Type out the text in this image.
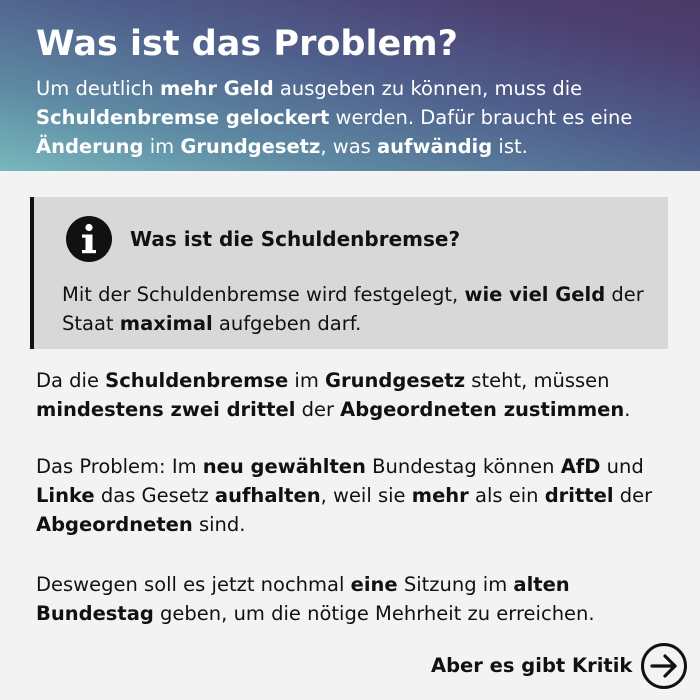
Was ist das Problem?

Um deutlich mehr Geld ausgeben zu können, muss die Schuldenbremse gelockert werden. Dafür braucht es eine Änderung im Grundgesetz, was aufwändig ist.

Was ist die Schuldenbremse?
Mit der Schuldenbremse wird festgelegt, wie viel Geld der Staat maximal aufgeben darf.

Da die Schuldenbremse im Grundgesetz steht, müssen mindestens zwei drittel der Abgeordneten zustimmen.

Das Problem: Im neu gewählten Bundestag können AfD und Linke das Gesetz aufhalten, weil sie mehr als ein drittel der Abgeordneten sind.

Deswegen soll es jetzt nochmal eine Sitzung im alten Bundestag geben, um die nötige Mehrheit zu erreichen.

Aber es gibt Kritik
